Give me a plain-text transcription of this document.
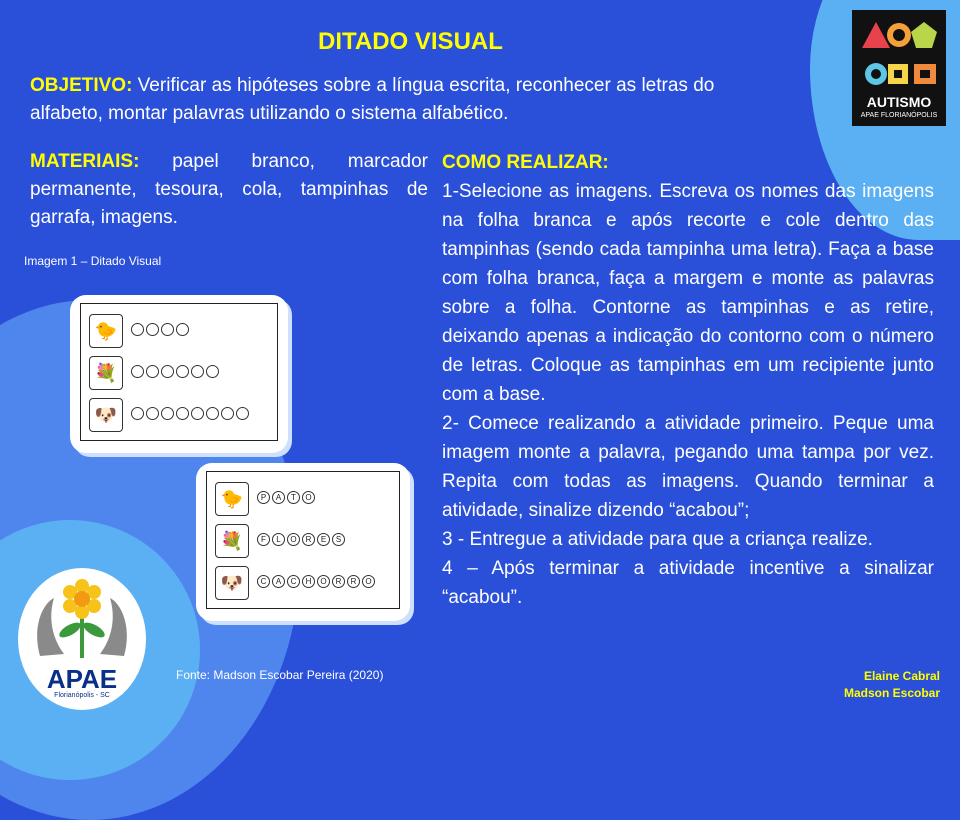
DITADO VISUAL
OBJETIVO: Verificar as hipóteses sobre a língua escrita, reconhecer as letras do alfabeto, montar palavras utilizando o sistema alfabético.
MATERIAIS: papel branco, marcador permanente, tesoura, cola, tampinhas de garrafa, imagens.
Imagem 1 – Ditado Visual
🐤
💐
🐶
🐤	P	A	T	O
💐	F	L	O	R	E	S
🐶	C	A	C	H	O	R	R	O
Fonte: Madson Escobar Pereira (2020)

COMO REALIZAR:

1-Selecione as imagens. Escreva os nomes das imagens na folha branca e após recorte e cole dentro das tampinhas (sendo cada tampinha uma letra). Faça a base com folha branca, faça a margem e monte as palavras sobre a folha. Contorne as tampinhas e as retire, deixando apenas a indicação do contorno com o número de letras. Coloque as tampinhas em um recipiente junto com a base.

2- Comece realizando a atividade primeiro. Peque uma imagem monte a palavra, pegando uma tampa por vez. Repita com todas as imagens. Quando terminar a atividade, sinalize dizendo “acabou”;

3 - Entregue a atividade para que a criança realize.

4 – Após terminar a atividade incentive a sinalizar “acabou”.

Elaine Cabral
Madson Escobar
AUTISMO
APAE FLORIANÓPOLIS
APAE
Florianópolis - SC
